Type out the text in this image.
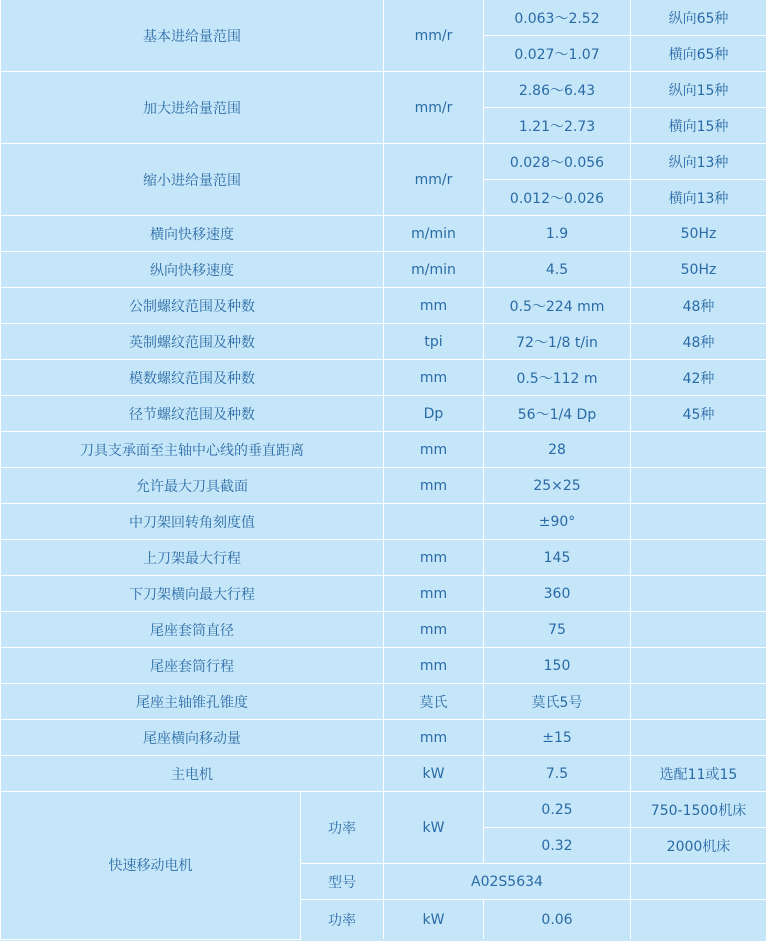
基本进给量范围		mm/r	0.063～2.52	纵向65种
			0.027～1.07	横向65种
加大进给量范围		mm/r	2.86～6.43	纵向15种
			1.21～2.73	横向15种
缩小进给量范围		mm/r	0.028～0.056	纵向13种
			0.012～0.026	横向13种
横向快移速度		m/min	1.9	50Hz
纵向快移速度		m/min	4.5	50Hz
公制螺纹范围及种数		mm	0.5～224 mm	48种
英制螺纹范围及种数		tpi	72～1/8 t/in	48种
模数螺纹范围及种数		mm	0.5～112 m	42种
径节螺纹范围及种数		Dp	56～1/4 Dp	45种
刀具支承面至主轴中心线的垂直距离		mm	28	
允许最大刀具截面		mm	25×25	
中刀架回转角刻度值			±90°	
上刀架最大行程		mm	145	
下刀架横向最大行程		mm	360	
尾座套筒直径		mm	75	
尾座套筒行程		mm	150	
尾座主轴锥孔锥度		莫氏	莫氏5号	
尾座横向移动量		mm	±15	
主电机		kW	7.5	选配11或15
快速移动电机	功率	kW	0.25	750-1500机床
			0.32	2000机床
	型号	A02S5634		
	功率	kW	0.06	
